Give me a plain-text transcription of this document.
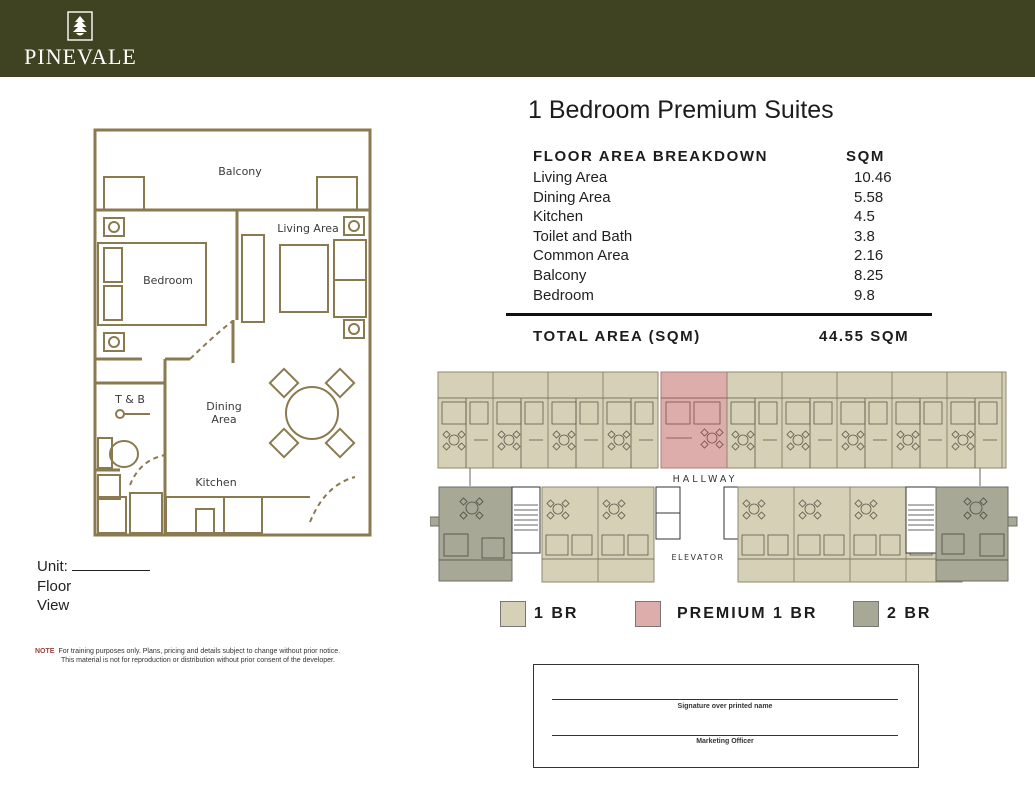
PINEVALE
Balcony
Living Area
Bedroom
T & B
Dining
Area
Kitchen
Unit:
Floor
View
NOTE For training purposes only. Plans, pricing and details subject to change without prior notice.
This material is not for reproduction or distribution without prior consent of the developer.
1 Bedroom Premium Suites
FLOOR AREA BREAKDOWN	SQM
Living Area	10.46
Dining Area	5.58
Kitchen	4.5
Toilet and Bath	3.8
Common Area	2.16
Balcony	8.25
Bedroom	9.8
TOTAL AREA (SQM)	44.55 SQM
HALLWAY
ELEVATOR
1 BR	PREMIUM 1 BR	2 BR
Signature over printed name
Marketing Officer
